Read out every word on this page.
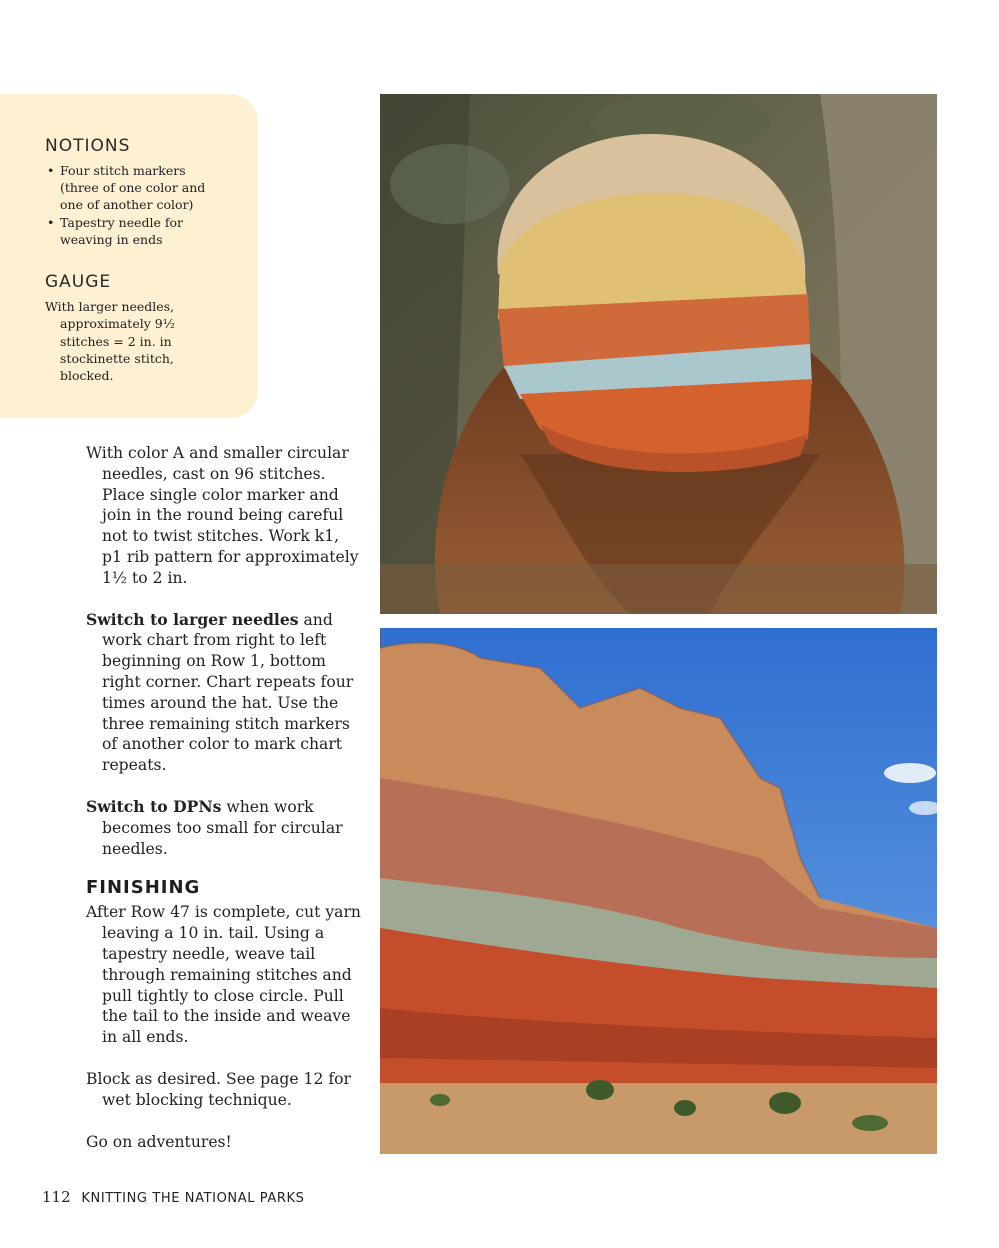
NOTIONS
• Four stitch markers (three of one color and one of another color)
• Tapestry needle for weaving in ends
GAUGE

With larger needles, approximately 9½ stitches = 2 in. in stockinette stitch, blocked.

With color A and smaller circular needles, cast on 96 stitches. Place single color marker and join in the round being careful not to twist stitches. Work k1, p1 rib pattern for approximately 1½ to 2 in.

Switch to larger needles and work chart from right to left beginning on Row 1, bottom right corner. Chart repeats four times around the hat. Use the three remaining stitch markers of another color to mark chart repeats.

Switch to DPNs when work becomes too small for circular needles.

FINISHING

After Row 47 is complete, cut yarn leaving a 10 in. tail. Using a tapestry needle, weave tail through remaining stitches and pull tightly to close circle. Pull the tail to the inside and weave in all ends.

Block as desired. See page 12 for wet blocking technique.

Go on adventures!

112 KNITTING THE NATIONAL PARKS
